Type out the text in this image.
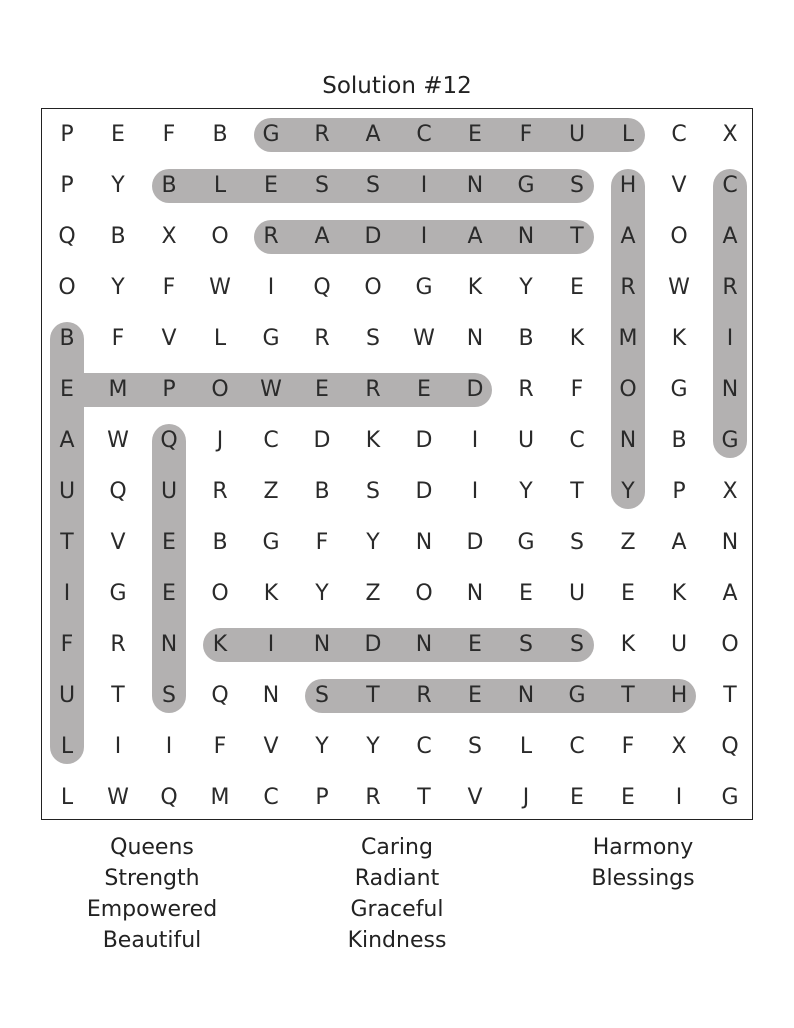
Solution #12
P	E	F	B	G	R	A	C	E	F	U	L	C	X
P	Y	B	L	E	S	S	I	N	G	S	H	V	C
Q	B	X	O	R	A	D	I	A	N	T	A	O	A
O	Y	F	W	I	Q	O	G	K	Y	E	R	W	R
B	F	V	L	G	R	S	W	N	B	K	M	K	I
E	M	P	O	W	E	R	E	D	R	F	O	G	N
A	W	Q	J	C	D	K	D	I	U	C	N	B	G
U	Q	U	R	Z	B	S	D	I	Y	T	Y	P	X
T	V	E	B	G	F	Y	N	D	G	S	Z	A	N
I	G	E	O	K	Y	Z	O	N	E	U	E	K	A
F	R	N	K	I	N	D	N	E	S	S	K	U	O
U	T	S	Q	N	S	T	R	E	N	G	T	H	T
L	I	I	F	V	Y	Y	C	S	L	C	F	X	Q
L	W	Q	M	C	P	R	T	V	J	E	E	I	G
Queens
Strength
Empowered
Beautiful
Caring
Radiant
Graceful
Kindness
Harmony
Blessings
